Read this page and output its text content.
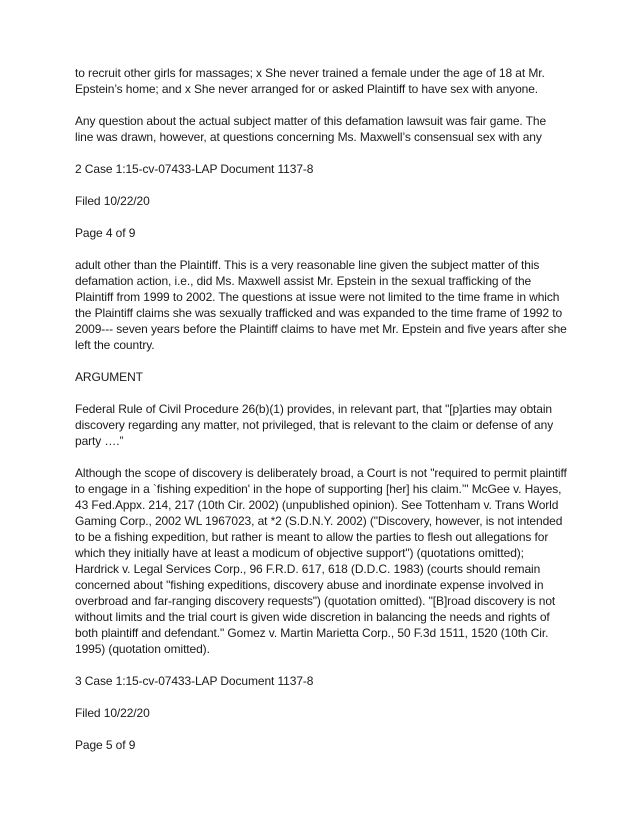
to recruit other girls for massages; x She never trained a female under the age of 18 at Mr. Epstein’s home; and x She never arranged for or asked Plaintiff to have sex with anyone.

Any question about the actual subject matter of this defamation lawsuit was fair game. The line was drawn, however, at questions concerning Ms. Maxwell’s consensual sex with any

2 Case 1:15-cv-07433-LAP Document 1137-8

Filed 10/22/20

Page 4 of 9

adult other than the Plaintiff. This is a very reasonable line given the subject matter of this defamation action, i.e., did Ms. Maxwell assist Mr. Epstein in the sexual trafficking of the Plaintiff from 1999 to 2002. The questions at issue were not limited to the time frame in which the Plaintiff claims she was sexually trafficked and was expanded to the time frame of 1992 to 2009--- seven years before the Plaintiff claims to have met Mr. Epstein and five years after she left the country.

ARGUMENT

Federal Rule of Civil Procedure 26(b)(1) provides, in relevant part, that "[p]arties may obtain discovery regarding any matter, not privileged, that is relevant to the claim or defense of any party ….”

Although the scope of discovery is deliberately broad, a Court is not "required to permit plaintiff to engage in a `fishing expedition' in the hope of supporting [her] his claim.’" McGee v. Hayes, 43 Fed.Appx. 214, 217 (10th Cir. 2002) (unpublished opinion). See Tottenham v. Trans World Gaming Corp., 2002 WL 1967023, at *2 (S.D.N.Y. 2002) ("Discovery, however, is not intended to be a fishing expedition, but rather is meant to allow the parties to flesh out allegations for which they initially have at least a modicum of objective support") (quotations omitted); Hardrick v. Legal Services Corp., 96 F.R.D. 617, 618 (D.D.C. 1983) (courts should remain concerned about "fishing expeditions, discovery abuse and inordinate expense involved in overbroad and far-ranging discovery requests") (quotation omitted). "[B]road discovery is not without limits and the trial court is given wide discretion in balancing the needs and rights of both plaintiff and defendant." Gomez v. Martin Marietta Corp., 50 F.3d 1511, 1520 (10th Cir. 1995) (quotation omitted).

3 Case 1:15-cv-07433-LAP Document 1137-8

Filed 10/22/20

Page 5 of 9
